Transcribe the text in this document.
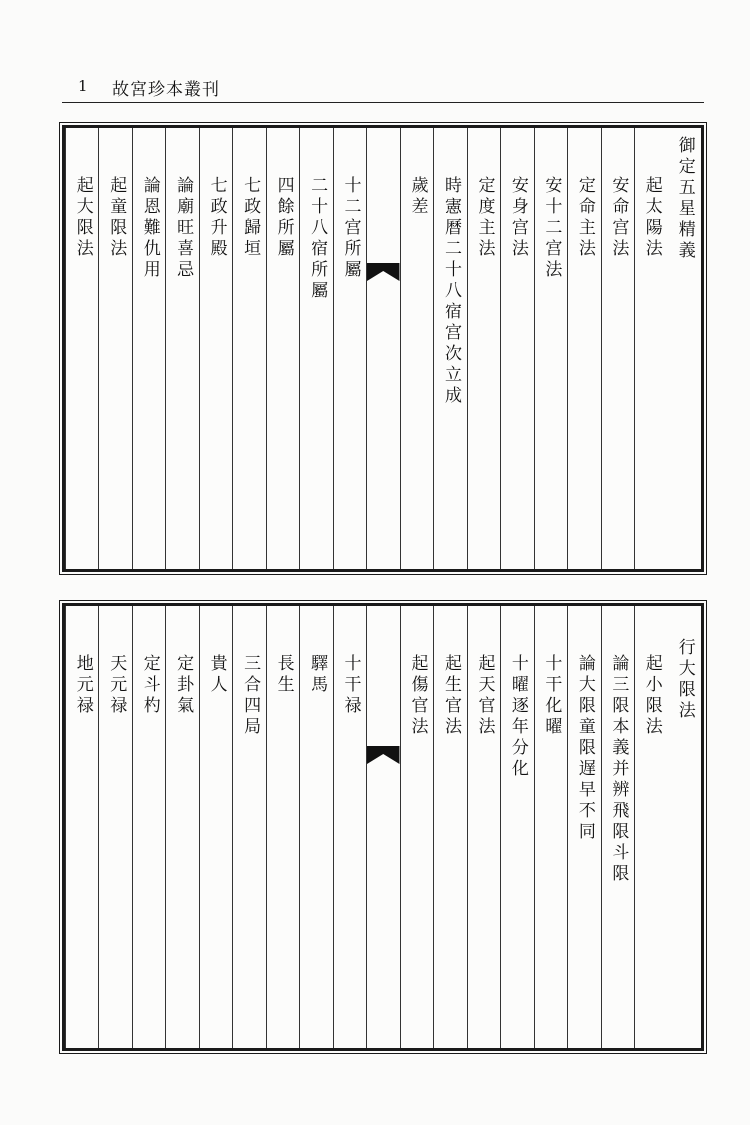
1 故宮珍本叢刊
御定五星精義
起太陽法
安命宫法
定命主法
安十二宫法
安身宫法
定度主法
時憲曆二十八宿宫次立成
歲差
十二宫所屬
二十八宿所屬
四餘所屬
七政歸垣
七政升殿
論廟旺喜忌
論恩難仇用
起童限法
起大限法
行大限法
起小限法
論三限本義并辨飛限斗限
論大限童限遅早不同
十干化曜
十曜逐年分化
起天官法
起生官法
起傷官法
十干禄
驛馬
長生
三合四局
貴人
定卦氣
定斗杓
天元禄
地元禄
